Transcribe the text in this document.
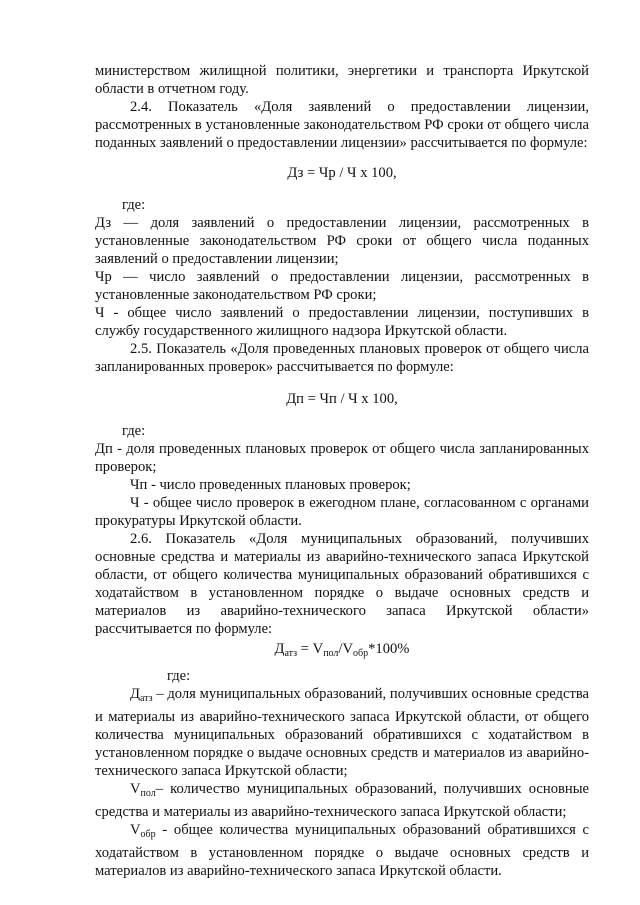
министерством жилищной политики, энергетики и транспорта Иркутской области в отчетном году.

2.4. Показатель «Доля заявлений о предоставлении лицензии, рассмотренных в установленные законодательством РФ сроки от общего числа поданных заявлений о предоставлении лицензии» рассчитывается по формуле:

Дз = Чр / Ч х 100,

где:

Дз — доля заявлений о предоставлении лицензии, рассмотренных в установленные законодательством РФ сроки от общего числа поданных заявлений о предоставлении лицензии;

Чр — число заявлений о предоставлении лицензии, рассмотренных в установленные законодательством РФ сроки;

Ч - общее число заявлений о предоставлении лицензии, поступивших в службу государственного жилищного надзора Иркутской области.

2.5. Показатель «Доля проведенных плановых проверок от общего числа запланированных проверок» рассчитывается по формуле:

Дп = Чп / Ч х 100,

где:

Дп - доля проведенных плановых проверок от общего числа запланированных проверок;

Чп - число проведенных плановых проверок;

Ч - общее число проверок в ежегодном плане, согласованном с органами прокуратуры Иркутской области.

2.6. Показатель «Доля муниципальных образований, получивших основные средства и материалы из аварийно-технического запаса Иркутской области, от общего количества муниципальных образований обратившихся с ходатайством в установленном порядке о выдаче основных средств и материалов из аварийно-технического запаса Иркутской области» рассчитывается по формуле:

$Д_{атз} = V_{пол}/V_{обр}*100\%$

где:

$Д_{атз}$ – доля муниципальных образований, получивших основные средства и материалы из аварийно-технического запаса Иркутской области, от общего количества муниципальных образований обратившихся с ходатайством в установленном порядке о выдаче основных средств и материалов из аварийно-технического запаса Иркутской области;

$V_{пол}-$ количество муниципальных образований, получивших основные средства и материалы из аварийно-технического запаса Иркутской области;

$V_{обр}$ - общее количества муниципальных образований обратившихся с ходатайством в установленном порядке о выдаче основных средств и материалов из аварийно-технического запаса Иркутской области.
